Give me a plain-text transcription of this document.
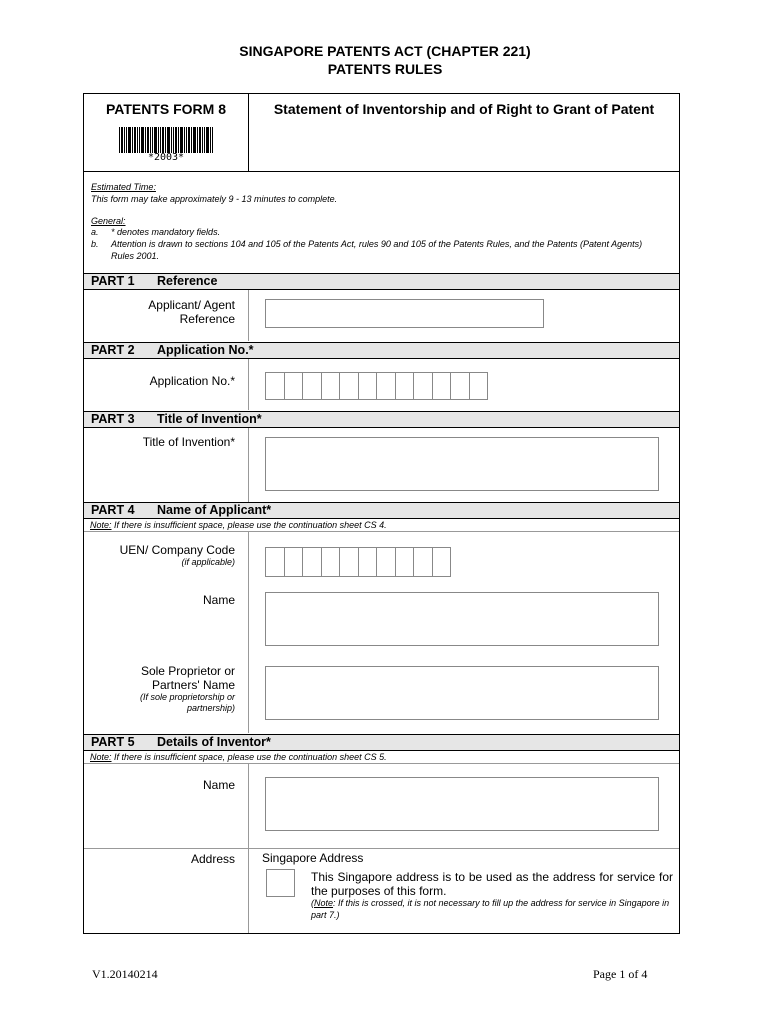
SINGAPORE PATENTS ACT (CHAPTER 221)
PATENTS RULES
PATENTS FORM 8
*2003*
Statement of Inventorship and of Right to Grant of Patent
Estimated Time:
This form may take approximately 9 - 13 minutes to complete.
General:
a. * denotes mandatory fields.
b. Attention is drawn to sections 104 and 105 of the Patents Act, rules 90 and 105 of the Patents Rules, and the Patents (Patent Agents) Rules 2001.
PART 1 Reference
Applicant/ Agent Reference
PART 2 Application No.*
Application No.*
PART 3 Title of Invention*
Title of Invention*
PART 4 Name of Applicant*
Note: If there is insufficient space, please use the continuation sheet CS 4.
UEN/ Company Code
(if applicable)
Name
Sole Proprietor or Partners' Name
(If sole proprietorship or partnership)
PART 5 Details of Inventor*
Note: If there is insufficient space, please use the continuation sheet CS 5.
Name
Address Singapore Address
This Singapore address is to be used as the address for service for the purposes of this form.
(Note: If this is crossed, it is not necessary to fill up the address for service in Singapore in part 7.)
V1.20140214	Page 1 of 4
